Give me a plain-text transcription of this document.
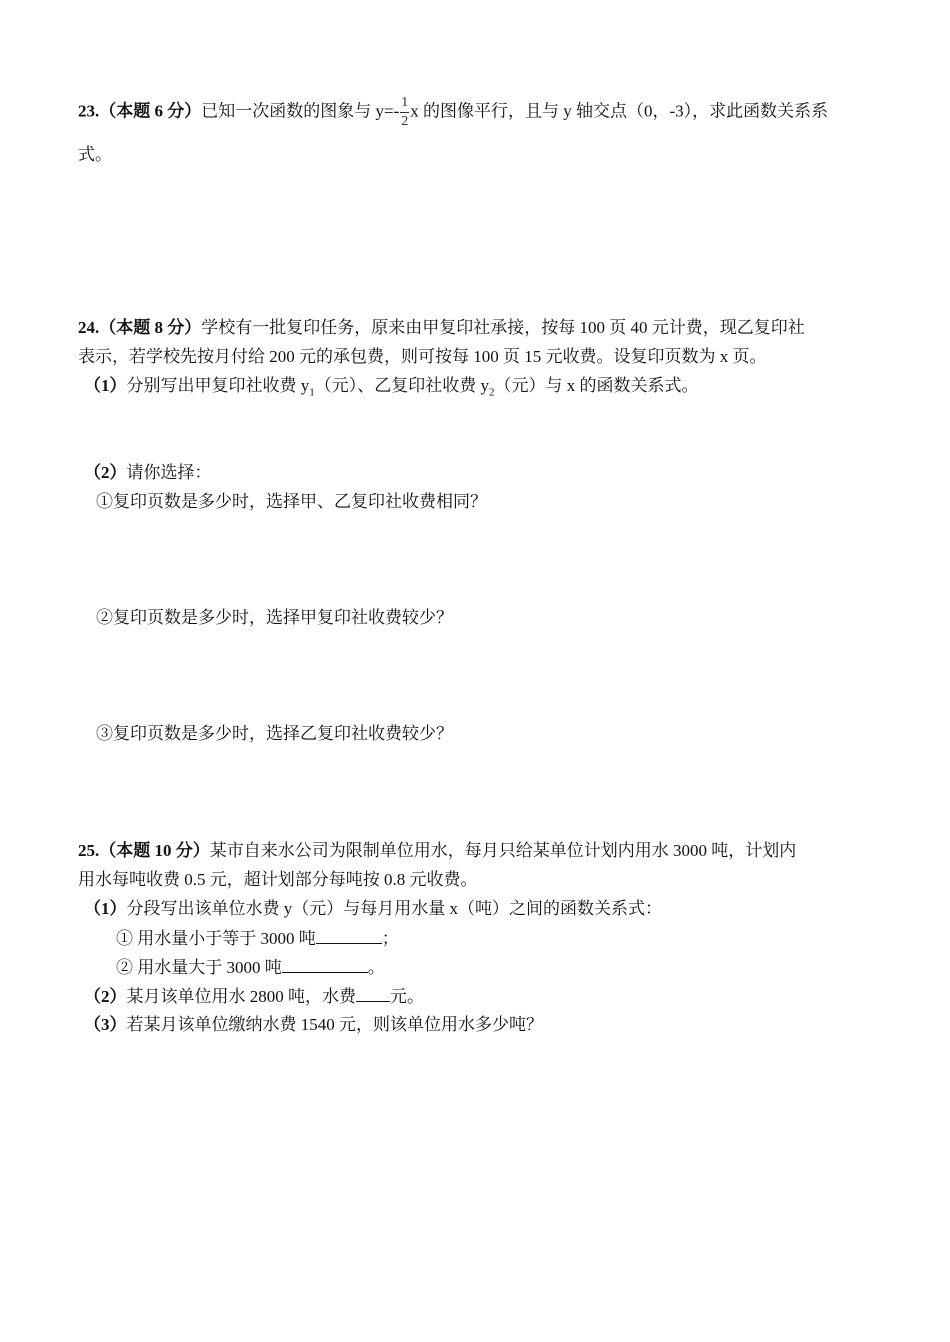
23.（本题 6 分）已知一次函数的图象与 $y=- \frac{1}{2}$ x 的图像平行，且与 y 轴交点（0，-3），求此函数关系系
式。
24.（本题 8 分）学校有一批复印任务，原来由甲复印社承接，按每 100 页 40 元计费，现乙复印社
表示，若学校先按月付给 200 元的承包费，则可按每 100 页 15 元收费。设复印页数为 x 页。
（1）分别写出甲复印社收费 $y_1$（元）、乙复印社收费 $y_2$（元）与 x 的函数关系式。
（2）请你选择：
①复印页数是多少时，选择甲、乙复印社收费相同？
②复印页数是多少时，选择甲复印社收费较少？
③复印页数是多少时，选择乙复印社收费较少？
25.（本题 10 分）某市自来水公司为限制单位用水，每月只给某单位计划内用水 3000 吨，计划内
用水每吨收费 0.5 元，超计划部分每吨按 0.8 元收费。
（1）分段写出该单位水费 y（元）与每月用水量 x（吨）之间的函数关系式：
① 用水量小于等于 3000 吨	；
② 用水量大于 3000 吨	。
（2）某月该单位用水 2800 吨，水费 元。
（3）若某月该单位缴纳水费 1540 元，则该单位用水多少吨？
